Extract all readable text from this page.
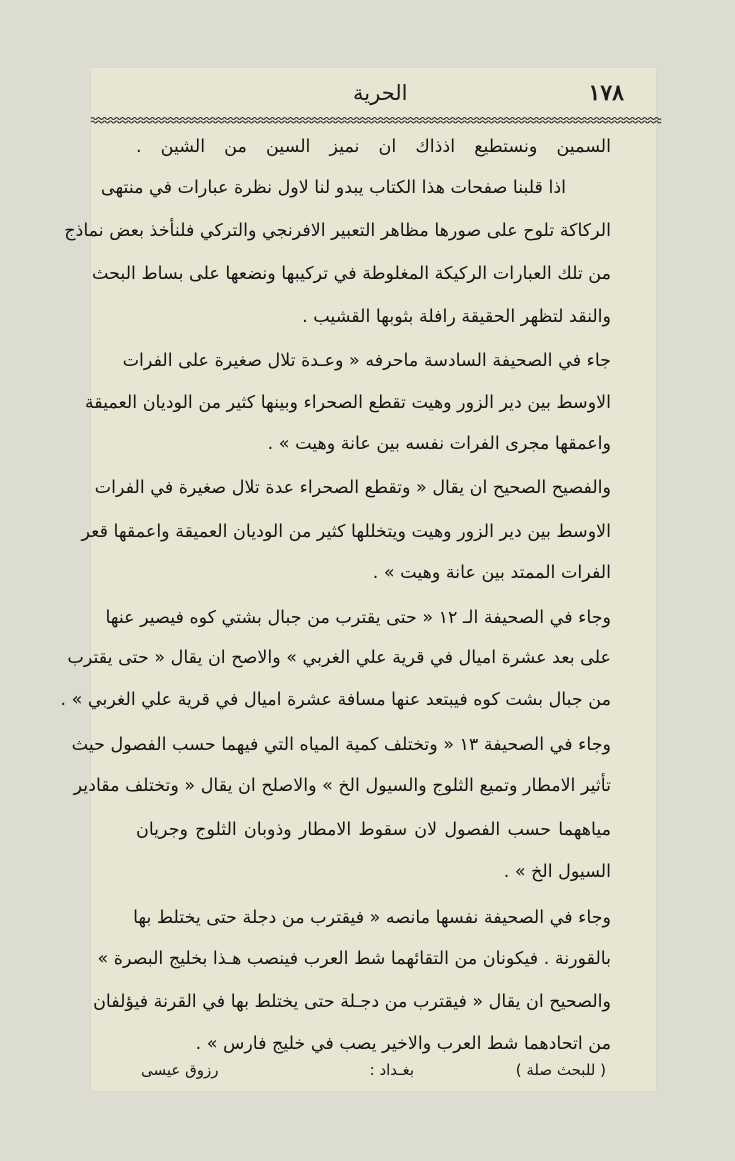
١٧٨
الحرية
السمين ونستطيع اذذاك ان نميز السين من الشين .
اذا قلبنا صفحات هذا الكتاب يبدو لنا لاول نظرة عبارات في منتهى
الركاكة تلوح على صورها مظاهر التعبير الافرنجي والتركي فلنأخذ بعض نماذج
من تلك العبارات الركيكة المغلوطة في تركيبها ونضعها على بساط البحث
والنقد لتظهر الحقيقة رافلة بثوبها القشيب .
جاء في الصحيفة السادسة ماحرفه « وعـدة تلال صغيرة على الفرات
الاوسط بين دير الزور وهيت تقطع الصحراء وبينها كثير من الوديان العميقة
واعمقها مجرى الفرات نفسه بين عانة وهيت » .
والفصيح الصحيح ان يقال « وتقطع الصحراء عدة تلال صغيرة في الفرات
الاوسط بين دير الزور وهيت ويتخللها كثير من الوديان العميقة واعمقها قعر
الفرات الممتد بين عانة وهيت » .
وجاء في الصحيفة الـ ١٢ « حتى يقترب من جبال بشتي كوه فيصير عنها
على بعد عشرة اميال في قرية علي الغربي » والاصح ان يقال « حتى يقترب
من جبال بشت كوه فيبتعد عنها مسافة عشرة اميال في قرية علي الغربي » .
وجاء في الصحيفة ١٣ « وتختلف كمية المياه التي فيهما حسب الفصول حيث
تأثير الامطار وتميع الثلوج والسيول الخ » والاصلح ان يقال « وتختلف مقادير
مياههما حسب الفصول لان سقوط الامطار وذوبان الثلوج وجريان
السيول الخ » .
وجاء في الصحيفة نفسها مانصه « فيقترب من دجلة حتى يختلط بها
بالقورنة . فيكونان من التقائهما شط العرب فينصب هـذا بخليج البصرة »
والصحيح ان يقال « فيقترب من دجـلة حتى يختلط بها في القرنة فيؤلفان
من اتحادهما شط العرب والاخير يصب في خليج فارس » .
( للبحث صلة )
بغـداد :
رزوق عيسى
